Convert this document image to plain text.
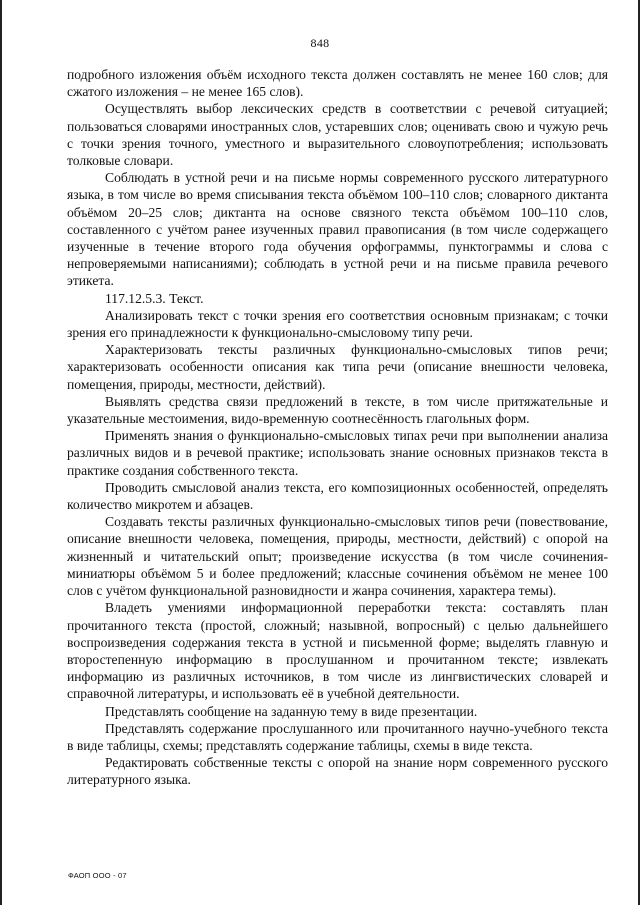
848

подробного изложения объём исходного текста должен составлять не менее 160 слов; для сжатого изложения – не менее 165 слов).

Осуществлять выбор лексических средств в соответствии с речевой ситуацией; пользоваться словарями иностранных слов, устаревших слов; оценивать свою и чужую речь с точки зрения точного, уместного и выразительного словоупотребления; использовать толковые словари.

Соблюдать в устной речи и на письме нормы современного русского литературного языка, в том числе во время списывания текста объёмом 100–110 слов; словарного диктанта объёмом 20–25 слов; диктанта на основе связного текста объёмом 100–110 слов, составленного с учётом ранее изученных правил правописания (в том числе содержащего изученные в течение второго года обучения орфограммы, пунктограммы и слова с непроверяемыми написаниями); соблюдать в устной речи и на письме правила речевого этикета.

117.12.5.3. Текст.

Анализировать текст с точки зрения его соответствия основным признакам; с точки зрения его принадлежности к функционально-смысловому типу речи.

Характеризовать тексты различных функционально-смысловых типов речи; характеризовать особенности описания как типа речи (описание внешности человека, помещения, природы, местности, действий).

Выявлять средства связи предложений в тексте, в том числе притяжательные и указательные местоимения, видо-временную соотнесённость глагольных форм.

Применять знания о функционально-смысловых типах речи при выполнении анализа различных видов и в речевой практике; использовать знание основных признаков текста в практике создания собственного текста.

Проводить смысловой анализ текста, его композиционных особенностей, определять количество микротем и абзацев.

Создавать тексты различных функционально-смысловых типов речи (повествование, описание внешности человека, помещения, природы, местности, действий) с опорой на жизненный и читательский опыт; произведение искусства (в том числе сочинения-миниатюры объёмом 5 и более предложений; классные сочинения объёмом не менее 100 слов с учётом функциональной разновидности и жанра сочинения, характера темы).

Владеть умениями информационной переработки текста: составлять план прочитанного текста (простой, сложный; назывной, вопросный) с целью дальнейшего воспроизведения содержания текста в устной и письменной форме; выделять главную и второстепенную информацию в прослушанном и прочитанном тексте; извлекать информацию из различных источников, в том числе из лингвистических словарей и справочной литературы, и использовать её в учебной деятельности.

Представлять сообщение на заданную тему в виде презентации.

Представлять содержание прослушанного или прочитанного научно-учебного текста в виде таблицы, схемы; представлять содержание таблицы, схемы в виде текста.

Редактировать собственные тексты с опорой на знание норм современного русского литературного языка.

ФАОП ООО - 07
